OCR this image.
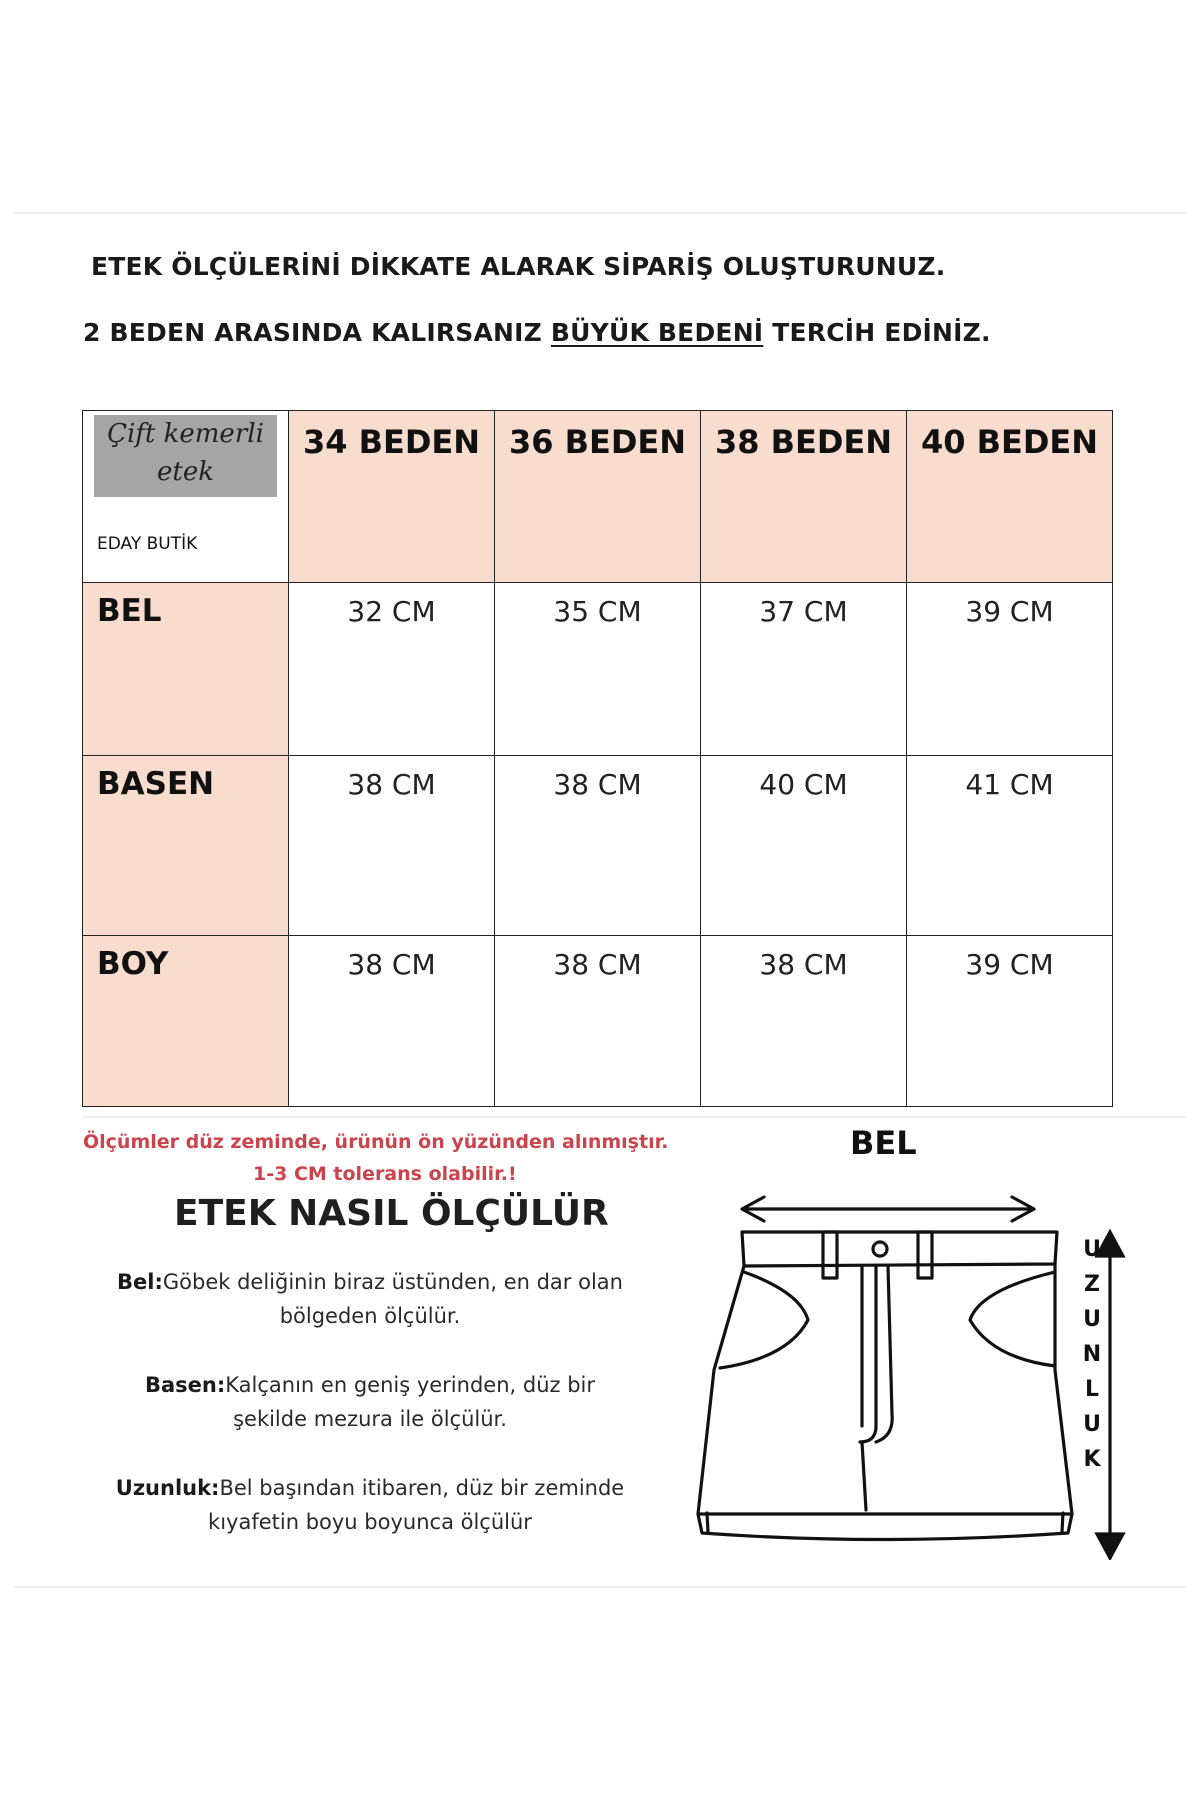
ETEK ÖLÇÜLERİNİ DİKKATE ALARAK SİPARİŞ OLUŞTURUNUZ.
2 BEDEN ARASINDA KALIRSANIZ BÜYÜK BEDENİ TERCİH EDİNİZ.
Çift kemerli
etek
EDAY BUTİK	34 BEDEN	36 BEDEN	38 BEDEN	40 BEDEN
BEL	32 CM	35 CM	37 CM	39 CM
BASEN	38 CM	38 CM	40 CM	41 CM
BOY	38 CM	38 CM	38 CM	39 CM
Ölçümler düz zeminde, ürünün ön yüzünden alınmıştır.
1-3 CM tolerans olabilir.!
ETEK NASIL ÖLÇÜLÜR
Bel:Göbek deliğinin biraz üstünden, en dar olan
bölgeden ölçülür.
Basen:Kalçanın en geniş yerinden, düz bir
şekilde mezura ile ölçülür.
Uzunluk:Bel başından itibaren, düz bir zeminde
kıyafetin boyu boyunca ölçülür
BEL
U
Z
U
N
L
U
K
